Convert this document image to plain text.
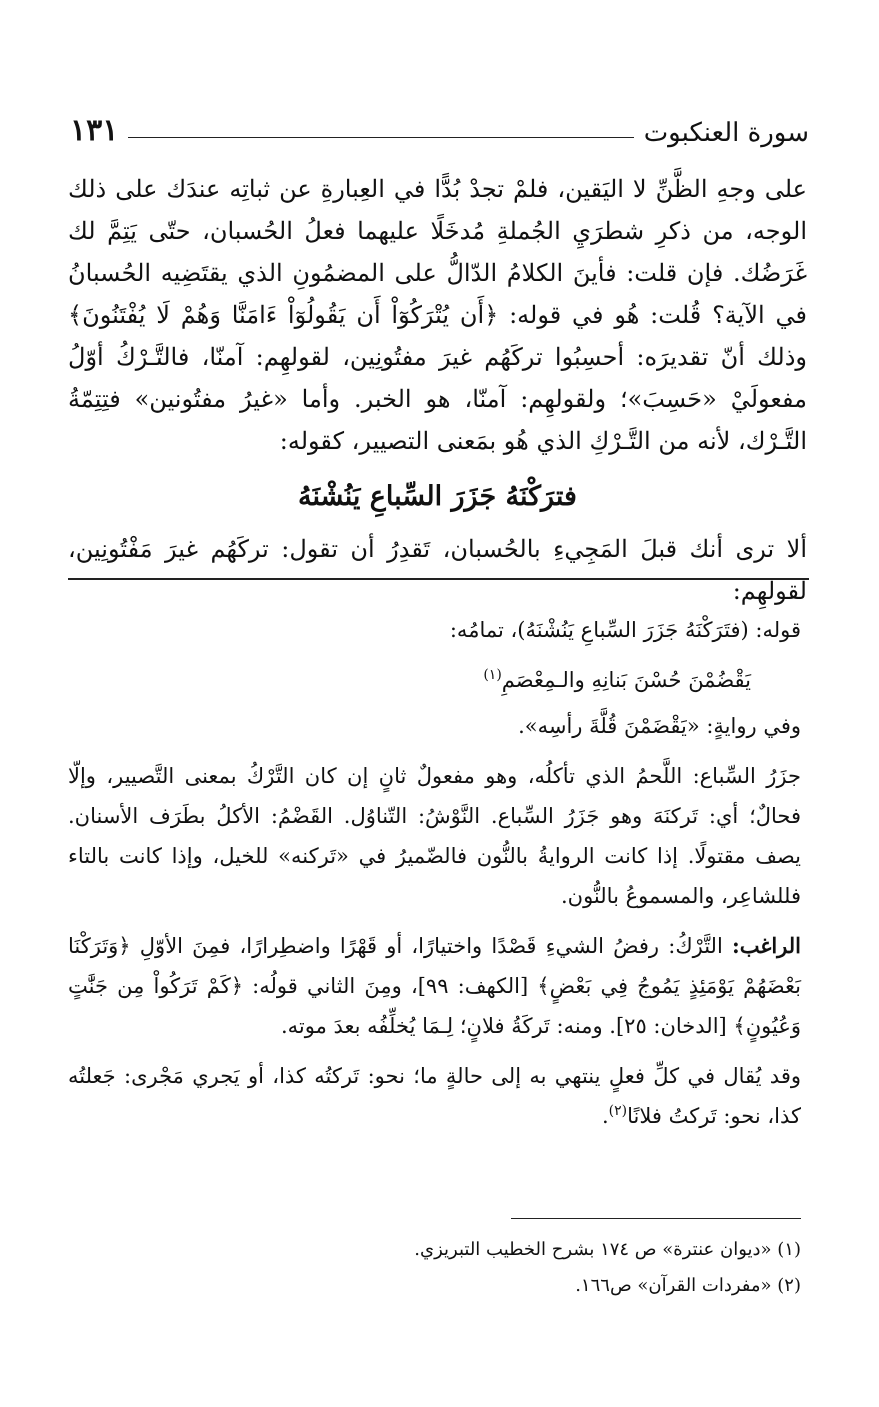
سورة العنكبوت
١٣١

على وجهِ الظَّنِّ لا اليَقين، فلمْ تجدْ بُدًّا في العِبارةِ عن ثباتِه عندَك على ذلك الوجه، من ذكرِ شطرَيِ الجُملةِ مُدخَلًا عليهما فعلُ الحُسبان، حتّى يَتِمَّ لك غَرَضُك. فإن قلت: فأينَ الكلامُ الدّالُّ على المضمُونِ الذي يقتَضِيه الحُسبانُ في الآية؟ قُلت: هُو في قوله: ﴿أَن يُتْرَكُوٓاْ أَن يَقُولُوٓاْ ءَامَنَّا وَهُمْ لَا يُفْتَنُونَ﴾ وذلك أنّ تقديرَه: أحسِبُوا تركَهُم غيرَ مفتُونِين، لقولهِم: آمنّا، فالتَّـرْكُ أوّلُ مفعولَيْ «حَسِبَ»؛ ولقولهِم: آمنّا، هو الخبر. وأما «غيرُ مفتُونين» فتِتِمّةُ التَّـرْك، لأنه من التَّـرْكِ الذي هُو بمَعنى التصيير، كقوله:

فترَكْنَهُ جَزَرَ السِّباعِ يَنُشْنَهُ

ألا ترى أنك قبلَ المَجِيءِ بالحُسبان، تَقدِرُ أن تقول: تركَهُم غيرَ مَفْتُونِين، لقولهِم:

قوله: (فتَرَكْنَهُ جَزَرَ السِّباعِ يَنُشْنَهُ)، تمامُه:

يَقْضُمْنَ حُسْنَ بَنانِهِ والـمِعْصَمِ$^{(١)}$

وفي روايةٍ: «يَقْضَمْنَ قُلَّةَ رأسِه».

جزَرُ السِّباع: اللَّحمُ الذي تأكلُه، وهو مفعولٌ ثانٍ إن كان التَّرْكُ بمعنى التَّصيير، وإلّا فحالٌ؛ أي: تَركنَهَ وهو جَزَرُ السِّباع. النَّوْشُ: التّناوُل. القَضْمُ: الأكلُ بطَرَف الأسنان. يصف مقتولًا. إذا كانت الروايةُ بالنُّون فالضّميرُ في «تَركنه» للخيل، وإذا كانت بالتاء فللشاعِر، والمسموعُ بالنُّون.

الراغب: التَّرْكُ: رفضُ الشيءِ قَصْدًا واختيارًا، أو قَهْرًا واضطِرارًا، فمِنَ الأوّلِ ﴿وَتَرَكْنَا بَعْضَهُمْ يَوْمَئِذٍ يَمُوجُ فِي بَعْضٍ﴾ [الكهف: ٩٩]، ومِنَ الثاني قولُه: ﴿كَمْ تَرَكُواْ مِن جَنَّٰتٍ وَعُيُونٍ﴾ [الدخان: ٢٥]. ومنه: تَركَةُ فلانٍ؛ لِـمَا يُخلِّفُه بعدَ موته.

وقد يُقال في كلِّ فعلٍ ينتهي به إلى حالةٍ ما؛ نحو: تَركتُه كذا، أو يَجري مَجْرى: جَعلتُه كذا، نحو: تَركتُ فلانًا$^{(٢)}$.

(١) «ديوان عنترة» ص ١٧٤ بشرح الخطيب التبريزي.

(٢) «مفردات القرآن» ص١٦٦.
